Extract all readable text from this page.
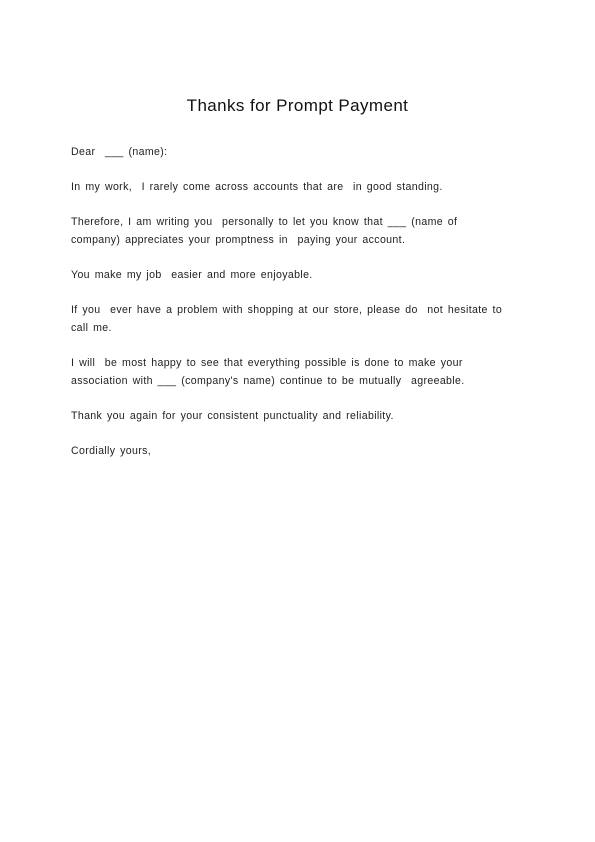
Thanks for Prompt Payment

Dear  ___ (name):

In my work,  I rarely come across accounts that are  in good standing.

Therefore, I am writing you  personally to let you know that ___ (name of
company) appreciates your promptness in  paying your account.

You make my job  easier and more enjoyable.

If you  ever have a problem with shopping at our store, please do  not hesitate to
call me.

I will  be most happy to see that everything possible is done to make your
association with ___ (company's name) continue to be mutually  agreeable.

Thank you again for your consistent punctuality and reliability.

Cordially yours,
